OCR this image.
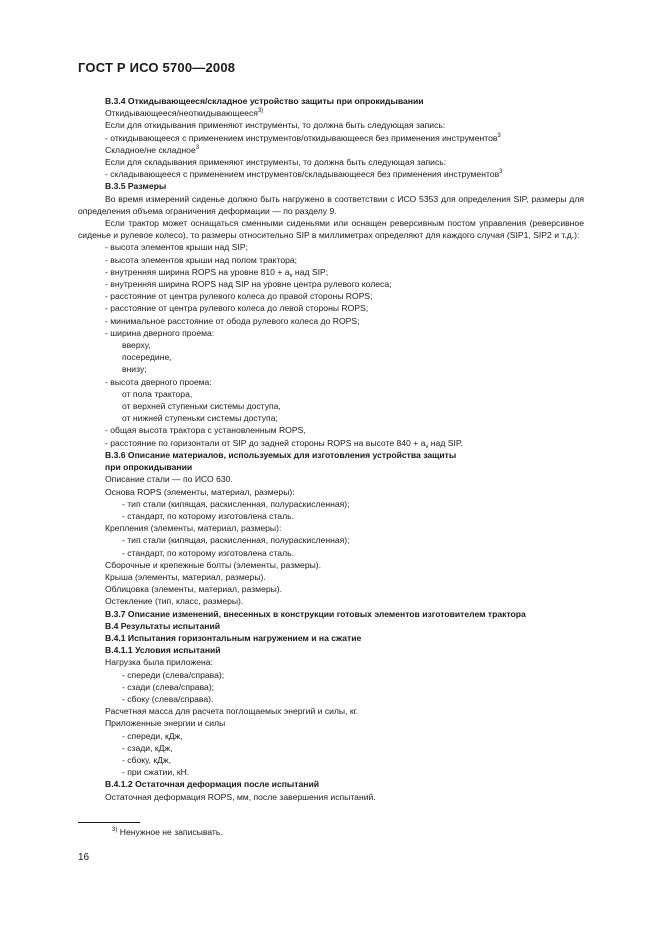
ГОСТ Р ИСО 5700—2008
В.3.4 Откидывающееся/складное устройство защиты при опрокидывании
Откидывающееся/неоткидывающееся$^{3)}$
Если для откидывания применяют инструменты, то должна быть следующая запись:
- откидывающееся с применением инструментов/откидывающееся без применения инструментов$^3$
Складное/не складное$^3$
Если для складывания применяют инструменты, то должна быть следующая запись:
- складывающееся с применением инструментов/складывающееся без применения инструментов$^3$
В.3.5 Размеры
Во время измерений сиденье должно быть нагружено в соответствии с ИСО 5353 для определения SIP, размеры для определения объема ограничения деформации — по разделу 9.
Если трактор может оснащаться сменными сиденьями или оснащен реверсивным постом управления (реверсивное сиденье и рулевое колесо), то размеры относительно SIP в миллиметрах определяют для каждого случая (SIP1, SIP2 и т.д.):
- высота элементов крыши над SIP;
- высота элементов крыши над полом трактора;
- внутренняя ширина ROPS на уровне $810 + a_v$ над SIP;
- внутренняя ширина ROPS над SIP на уровне центра рулевого колеса;
- расстояние от центра рулевого колеса до правой стороны ROPS;
- расстояние от центра рулевого колеса до левой стороны ROPS;
- минимальное расстояние от обода рулевого колеса до ROPS;
- ширина дверного проема:
вверху,
посередине,
внизу;
- высота дверного проема:
от пола трактора,
от верхней ступеньки системы доступа,
от нижней ступеньки системы доступа;
- общая высота трактора с установленным ROPS,
- расстояние по горизонтали от SIP до задней стороны ROPS на высоте $840 + a_v$ над SIP.
В.3.6 Описание материалов, используемых для изготовления устройства защиты
при опрокидывании
Описание стали — по ИСО 630.
Основа ROPS (элементы, материал, размеры):
- тип стали (кипящая, раскисленная, полураскисленная);
- стандарт, по которому изготовлена сталь.
Крепления (элементы, материал, размеры):
- тип стали (кипящая, раскисленная, полураскисленная);
- стандарт, по которому изготовлена сталь.
Сборочные и крепежные болты (элементы, размеры).
Крыша (элементы, материал, размеры).
Облицовка (элементы, материал, размеры).
Остекление (тип, класс, размеры).
В.3.7 Описание изменений, внесенных в конструкции готовых элементов изготовителем трактора
В.4 Результаты испытаний
В.4.1 Испытания горизонтальным нагружением и на сжатие
В.4.1.1 Условия испытаний
Нагрузка была приложена:
- спереди (слева/справа);
- сзади (слева/справа);
- сбоку (слева/справа).
Расчетная масса для расчета поглощаемых энергий и силы, кг.
Приложенные энергии и силы
- спереди, кДж,
- сзади, кДж,
- сбоку, кДж,
- при сжатии, кН.
В.4.1.2 Остаточная деформация после испытаний
Остаточная деформация ROPS, мм, после завершения испытаний.
$^{3)}$ Ненужное не записывать.
16
